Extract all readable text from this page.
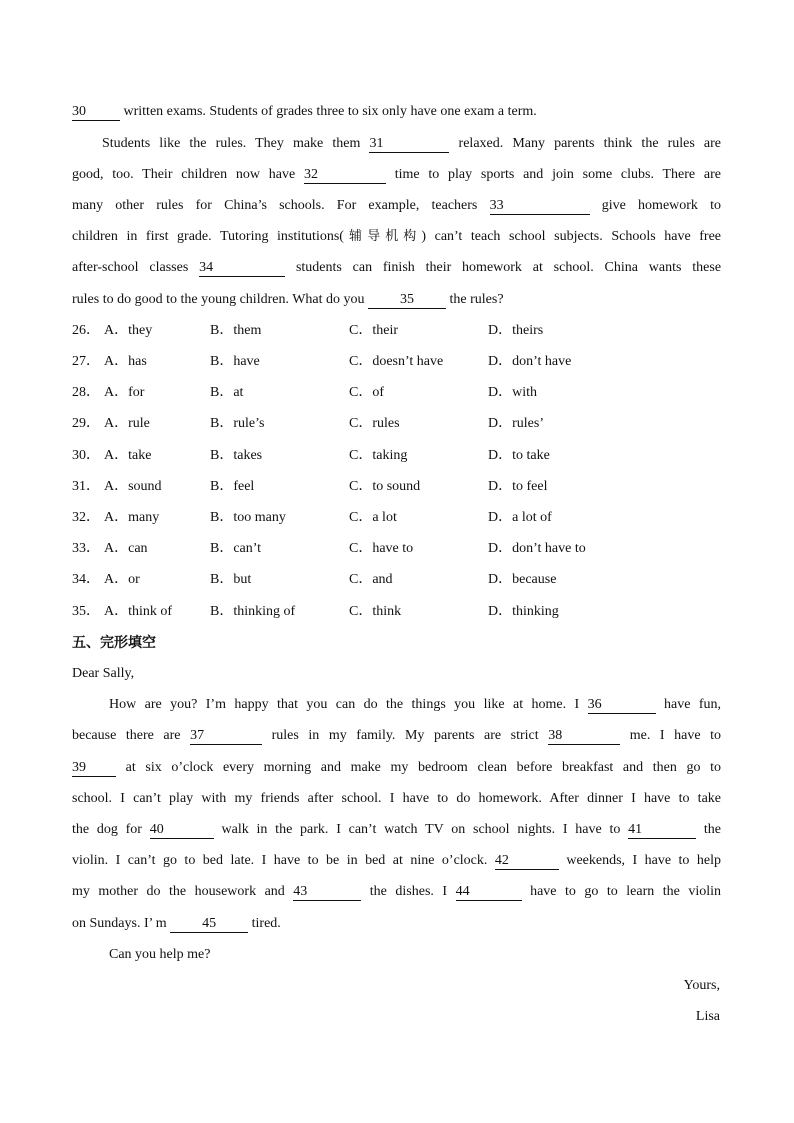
30	written exams. Students of grades three to six only have one exam a term.
Students like the rules. They make them 31	relaxed. Many parents think the rules are
good, too. Their children now have 32	time to play sports and join some clubs. There are
many other rules for China’s schools. For example, teachers 33	give homework to
children in first grade. Tutoring institutions(辅导机构) can’t teach school subjects. Schools have free
after-school classes 34	students can finish their homework at school. China wants these
rules to do good to the young children. What do you	35	the rules?
26． A．they	B．them	C．their	D．theirs
27． A．has	B．have	C．doesn’t have	D．don’t have
28． A．for	B．at	C．of	D．with
29． A．rule	B．rule’s	C．rules	D．rules’
30． A．take	B．takes	C．taking	D．to take
31． A．sound	B．feel	C．to sound	D．to feel
32． A．many	B．too many	C．a lot	D．a lot of
33． A．can	B．can’t	C．have to	D．don’t have to
34． A．or	B．but	C．and	D．because
35． A．think of	B．thinking of	C．think	D．thinking
五、完形填空
Dear Sally,
How are you? I’m happy that you can do the things you like at home. I 36	have fun,
because there are 37	rules in my family. My parents are strict 38	me. I have to
39	at six o’clock every morning and make my bedroom clean before breakfast and then go to
school. I can’t play with my friends after school. I have to do homework. After dinner I have to take
the dog for 40	walk in the park. I can’t watch TV on school nights. I have to 41	the
violin. I can’t go to bed late. I have to be in bed at nine o’clock. 42	weekends, I have to help
my mother do the housework and 43	the dishes. I 44	have to go to learn the violin
on Sundays. I’ m	45	tired.
Can you help me?
Yours,
Lisa
